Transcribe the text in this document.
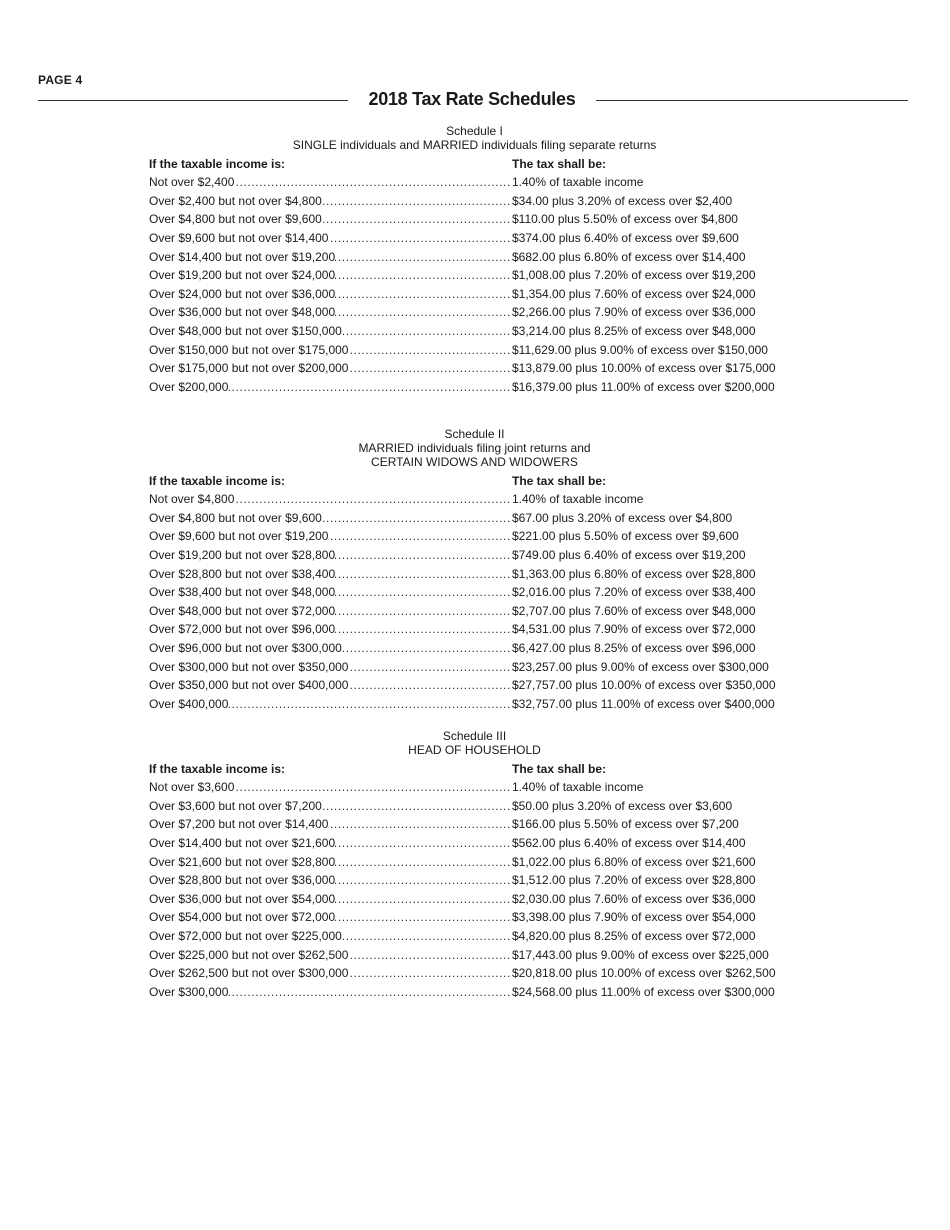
PAGE 4
2018 Tax Rate Schedules
Schedule I
SINGLE individuals and MARRIED individuals filing separate returns
If the taxable income is:	The tax shall be:
Not over $2,400 .....	1.40% of taxable income
Over $2,400 but not over $4,800 .....	$34.00 plus 3.20% of excess over $2,400
Over $4,800 but not over $9,600 .....	$110.00 plus 5.50% of excess over $4,800
Over $9,600 but not over $14,400 .....	$374.00 plus 6.40% of excess over $9,600
Over $14,400 but not over $19,200 .....	$682.00 plus 6.80% of excess over $14,400
Over $19,200 but not over $24,000 .....	$1,008.00 plus 7.20% of excess over $19,200
Over $24,000 but not over $36,000 .....	$1,354.00 plus 7.60% of excess over $24,000
Over $36,000 but not over $48,000 .....	$2,266.00 plus 7.90% of excess over $36,000
Over $48,000 but not over $150,000 .....	$3,214.00 plus 8.25% of excess over $48,000
Over $150,000 but not over $175,000 .....	$11,629.00 plus 9.00% of excess over $150,000
Over $175,000 but not over $200,000 .....	$13,879.00 plus 10.00% of excess over $175,000
Over $200,000 .....	$16,379.00 plus 11.00% of excess over $200,000
Schedule II
MARRIED individuals filing joint returns and
CERTAIN WIDOWS AND WIDOWERS
If the taxable income is:	The tax shall be:
Not over $4,800 .....	1.40% of taxable income
Over $4,800 but not over $9,600 .....	$67.00 plus 3.20% of excess over $4,800
Over $9,600 but not over $19,200 .....	$221.00 plus 5.50% of excess over $9,600
Over $19,200 but not over $28,800 .....	$749.00 plus 6.40% of excess over $19,200
Over $28,800 but not over $38,400 .....	$1,363.00 plus 6.80% of excess over $28,800
Over $38,400 but not over $48,000 .....	$2,016.00 plus 7.20% of excess over $38,400
Over $48,000 but not over $72,000 .....	$2,707.00 plus 7.60% of excess over $48,000
Over $72,000 but not over $96,000 .....	$4,531.00 plus 7.90% of excess over $72,000
Over $96,000 but not over $300,000 .....	$6,427.00 plus 8.25% of excess over $96,000
Over $300,000 but not over $350,000 .....	$23,257.00 plus 9.00% of excess over $300,000
Over $350,000 but not over $400,000 .....	$27,757.00 plus 10.00% of excess over $350,000
Over $400,000 .....	$32,757.00 plus 11.00% of excess over $400,000
Schedule III
HEAD OF HOUSEHOLD
If the taxable income is:	The tax shall be:
Not over $3,600 .....	1.40% of taxable income
Over $3,600 but not over $7,200 .....	$50.00 plus 3.20% of excess over $3,600
Over $7,200 but not over $14,400 .....	$166.00 plus 5.50% of excess over $7,200
Over $14,400 but not over $21,600 .....	$562.00 plus 6.40% of excess over $14,400
Over $21,600 but not over $28,800 .....	$1,022.00 plus 6.80% of excess over $21,600
Over $28,800 but not over $36,000 .....	$1,512.00 plus 7.20% of excess over $28,800
Over $36,000 but not over $54,000 .....	$2,030.00 plus 7.60% of excess over $36,000
Over $54,000 but not over $72,000 .....	$3,398.00 plus 7.90% of excess over $54,000
Over $72,000 but not over $225,000 .....	$4,820.00 plus 8.25% of excess over $72,000
Over $225,000 but not over $262,500 .....	$17,443.00 plus 9.00% of excess over $225,000
Over $262,500 but not over $300,000 .....	$20,818.00 plus 10.00% of excess over $262,500
Over $300,000 .....	$24,568.00 plus 11.00% of excess over $300,000
